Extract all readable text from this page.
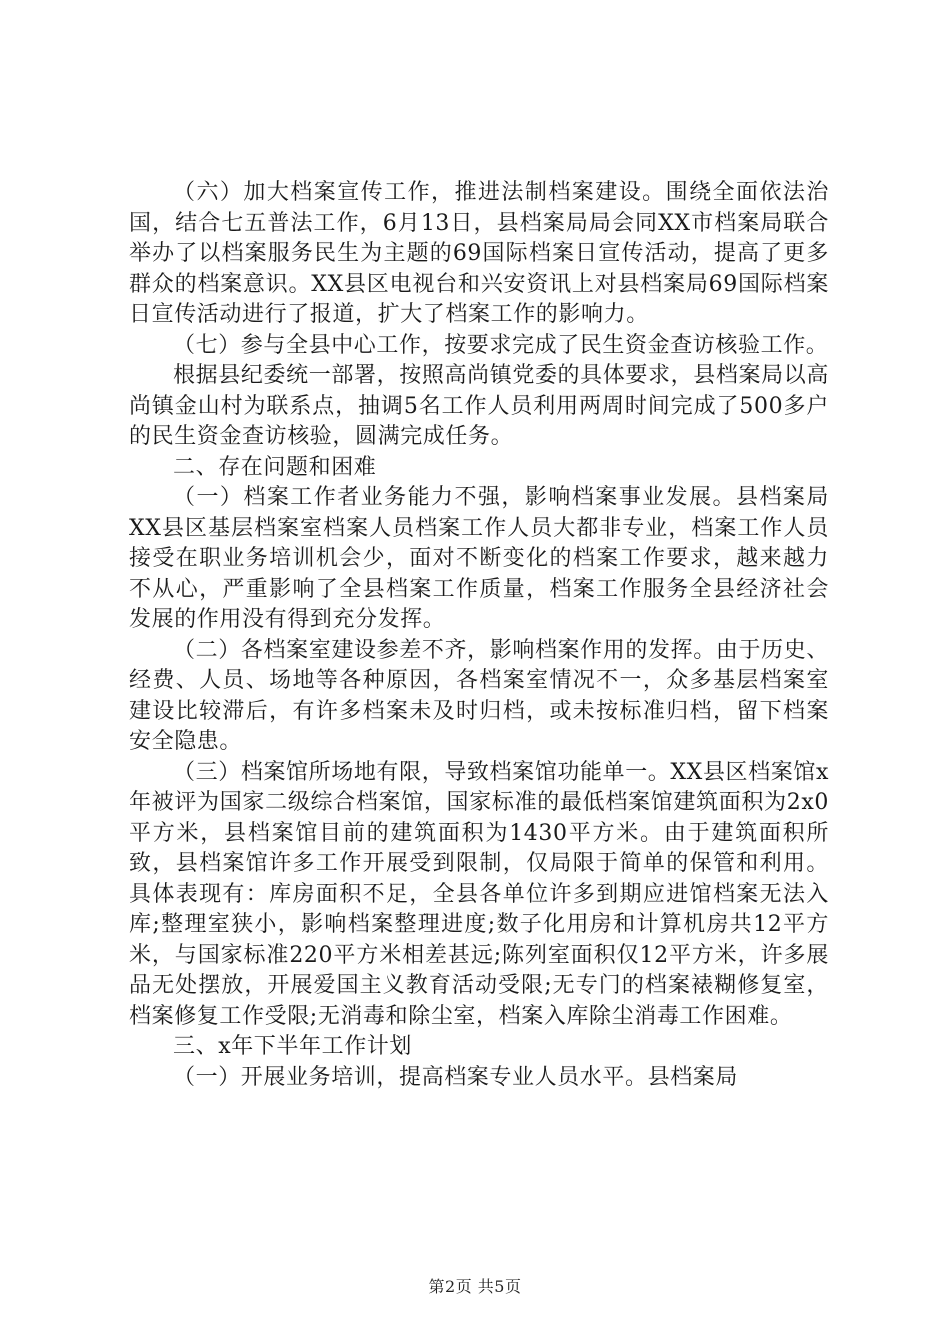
（六）加大档案宣传工作，推进法制档案建设。围绕全面依法治国，结合七五普法工作，6月13日，县档案局局会同XX市档案局联合举办了以档案服务民生为主题的69国际档案日宣传活动，提高了更多群众的档案意识。XX县区电视台和兴安资讯上对县档案局69国际档案日宣传活动进行了报道，扩大了档案工作的影响力。

（七）参与全县中心工作，按要求完成了民生资金查访核验工作。

根据县纪委统一部署，按照高尚镇党委的具体要求，县档案局以高尚镇金山村为联系点，抽调5名工作人员利用两周时间完成了500多户的民生资金查访核验，圆满完成任务。

二、存在问题和困难

（一）档案工作者业务能力不强，影响档案事业发展。县档案局XX县区基层档案室档案人员档案工作人员大都非专业，档案工作人员接受在职业务培训机会少，面对不断变化的档案工作要求，越来越力不从心，严重影响了全县档案工作质量，档案工作服务全县经济社会发展的作用没有得到充分发挥。

（二）各档案室建设参差不齐，影响档案作用的发挥。由于历史、经费、人员、场地等各种原因，各档案室情况不一，众多基层档案室建设比较滞后，有许多档案未及时归档，或未按标准归档，留下档案安全隐患。

（三）档案馆所场地有限，导致档案馆功能单一。XX县区档案馆x年被评为国家二级综合档案馆，国家标准的最低档案馆建筑面积为2x0平方米，县档案馆目前的建筑面积为1430平方米。由于建筑面积所致，县档案馆许多工作开展受到限制，仅局限于简单的保管和利用。具体表现有：库房面积不足，全县各单位许多到期应进馆档案无法入库;整理室狭小，影响档案整理进度;数子化用房和计算机房共12平方米，与国家标准220平方米相差甚远;陈列室面积仅12平方米，许多展品无处摆放，开展爱国主义教育活动受限;无专门的档案裱糊修复室，档案修复工作受限;无消毒和除尘室，档案入库除尘消毒工作困难。

三、x年下半年工作计划

（一）开展业务培训，提高档案专业人员水平。县档案局

第2页 共5页
